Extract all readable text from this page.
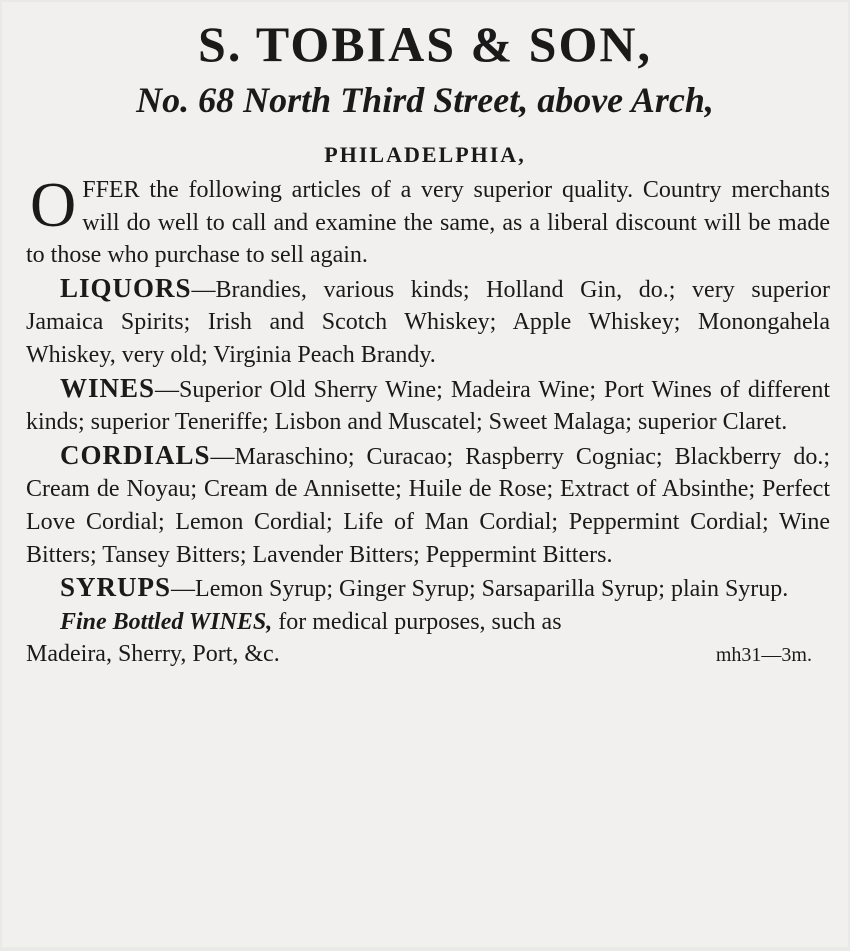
S. TOBIAS & SON,
No. 68 North Third Street, above Arch,
PHILADELPHIA,

OFFER the following articles of a very superior quality. Country merchants will do well to call and examine the same, as a liberal discount will be made to those who purchase to sell again.

LIQUORS—Brandies, various kinds; Holland Gin, do.; very superior Jamaica Spirits; Irish and Scotch Whiskey; Apple Whiskey; Monongahela Whiskey, very old; Virginia Peach Brandy.

WINES—Superior Old Sherry Wine; Madeira Wine; Port Wines of different kinds; superior Teneriffe; Lisbon and Muscatel; Sweet Malaga; superior Claret.

CORDIALS—Maraschino; Curacao; Raspberry Cogniac; Blackberry do.; Cream de Noyau; Cream de Annisette; Huile de Rose; Extract of Absinthe; Perfect Love Cordial; Lemon Cordial; Life of Man Cordial; Peppermint Cordial; Wine Bitters; Tansey Bitters; Lavender Bitters; Peppermint Bitters.

SYRUPS—Lemon Syrup; Ginger Syrup; Sarsaparilla Syrup; plain Syrup.

Fine Bottled WINES, for medical purposes, such as

Madeira, Sherry, Port, &c.	mh31—3m.
